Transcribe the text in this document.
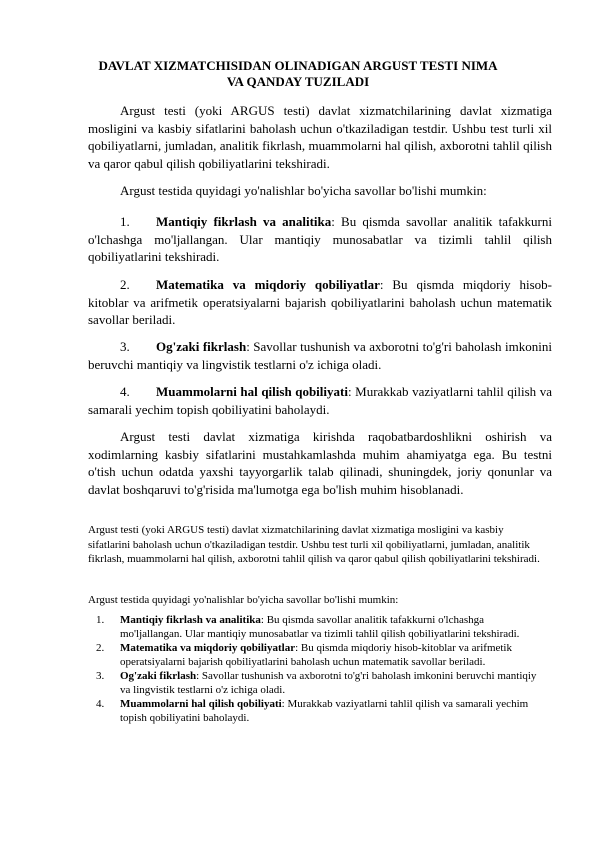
DAVLAT XIZMATCHISIDAN OLINADIGAN ARGUST TESTI NIMA
VA QANDAY TUZILADI

Argust testi (yoki ARGUS testi) davlat xizmatchilarining davlat xizmatiga mosligini va kasbiy sifatlarini baholash uchun o'tkaziladigan testdir. Ushbu test turli xil qobiliyatlarni, jumladan, analitik fikrlash, muammolarni hal qilish, axborotni tahlil qilish va qaror qabul qilish qobiliyatlarini tekshiradi.

Argust testida quyidagi yo'nalishlar bo'yicha savollar bo'lishi mumkin:

1. Mantiqiy fikrlash va analitika: Bu qismda savollar analitik tafakkurni o'lchashga mo'ljallangan. Ular mantiqiy munosabatlar va tizimli tahlil qilish qobiliyatlarini tekshiradi.

2. Matematika va miqdoriy qobiliyatlar: Bu qismda miqdoriy hisob-kitoblar va arifmetik operatsiyalarni bajarish qobiliyatlarini baholash uchun matematik savollar beriladi.

3. Og'zaki fikrlash: Savollar tushunish va axborotni to'g'ri baholash imkonini beruvchi mantiqiy va lingvistik testlarni o'z ichiga oladi.

4. Muammolarni hal qilish qobiliyati: Murakkab vaziyatlarni tahlil qilish va samarali yechim topish qobiliyatini baholaydi.

Argust testi davlat xizmatiga kirishda raqobatbardoshlikni oshirish va xodimlarning kasbiy sifatlarini mustahkamlashda muhim ahamiyatga ega. Bu testni o'tish uchun odatda yaxshi tayyorgarlik talab qilinadi, shuningdek, joriy qonunlar va davlat boshqaruvi to'g'risida ma'lumotga ega bo'lish muhim hisoblanadi.

Argust testi (yoki ARGUS testi) davlat xizmatchilarining davlat xizmatiga mosligini va kasbiy sifatlarini baholash uchun o'tkaziladigan testdir. Ushbu test turli xil qobiliyatlarni, jumladan, analitik fikrlash, muammolarni hal qilish, axborotni tahlil qilish va qaror qabul qilish qobiliyatlarini tekshiradi.

Argust testida quyidagi yo'nalishlar bo'yicha savollar bo'lishi mumkin:

1. Mantiqiy fikrlash va analitika: Bu qismda savollar analitik tafakkurni o'lchashga mo'ljallangan. Ular mantiqiy munosabatlar va tizimli tahlil qilish qobiliyatlarini tekshiradi.
2. Matematika va miqdoriy qobiliyatlar: Bu qismda miqdoriy hisob-kitoblar va arifmetik operatsiyalarni bajarish qobiliyatlarini baholash uchun matematik savollar beriladi.
3. Og'zaki fikrlash: Savollar tushunish va axborotni to'g'ri baholash imkonini beruvchi mantiqiy va lingvistik testlarni o'z ichiga oladi.
4. Muammolarni hal qilish qobiliyati: Murakkab vaziyatlarni tahlil qilish va samarali yechim topish qobiliyatini baholaydi.
